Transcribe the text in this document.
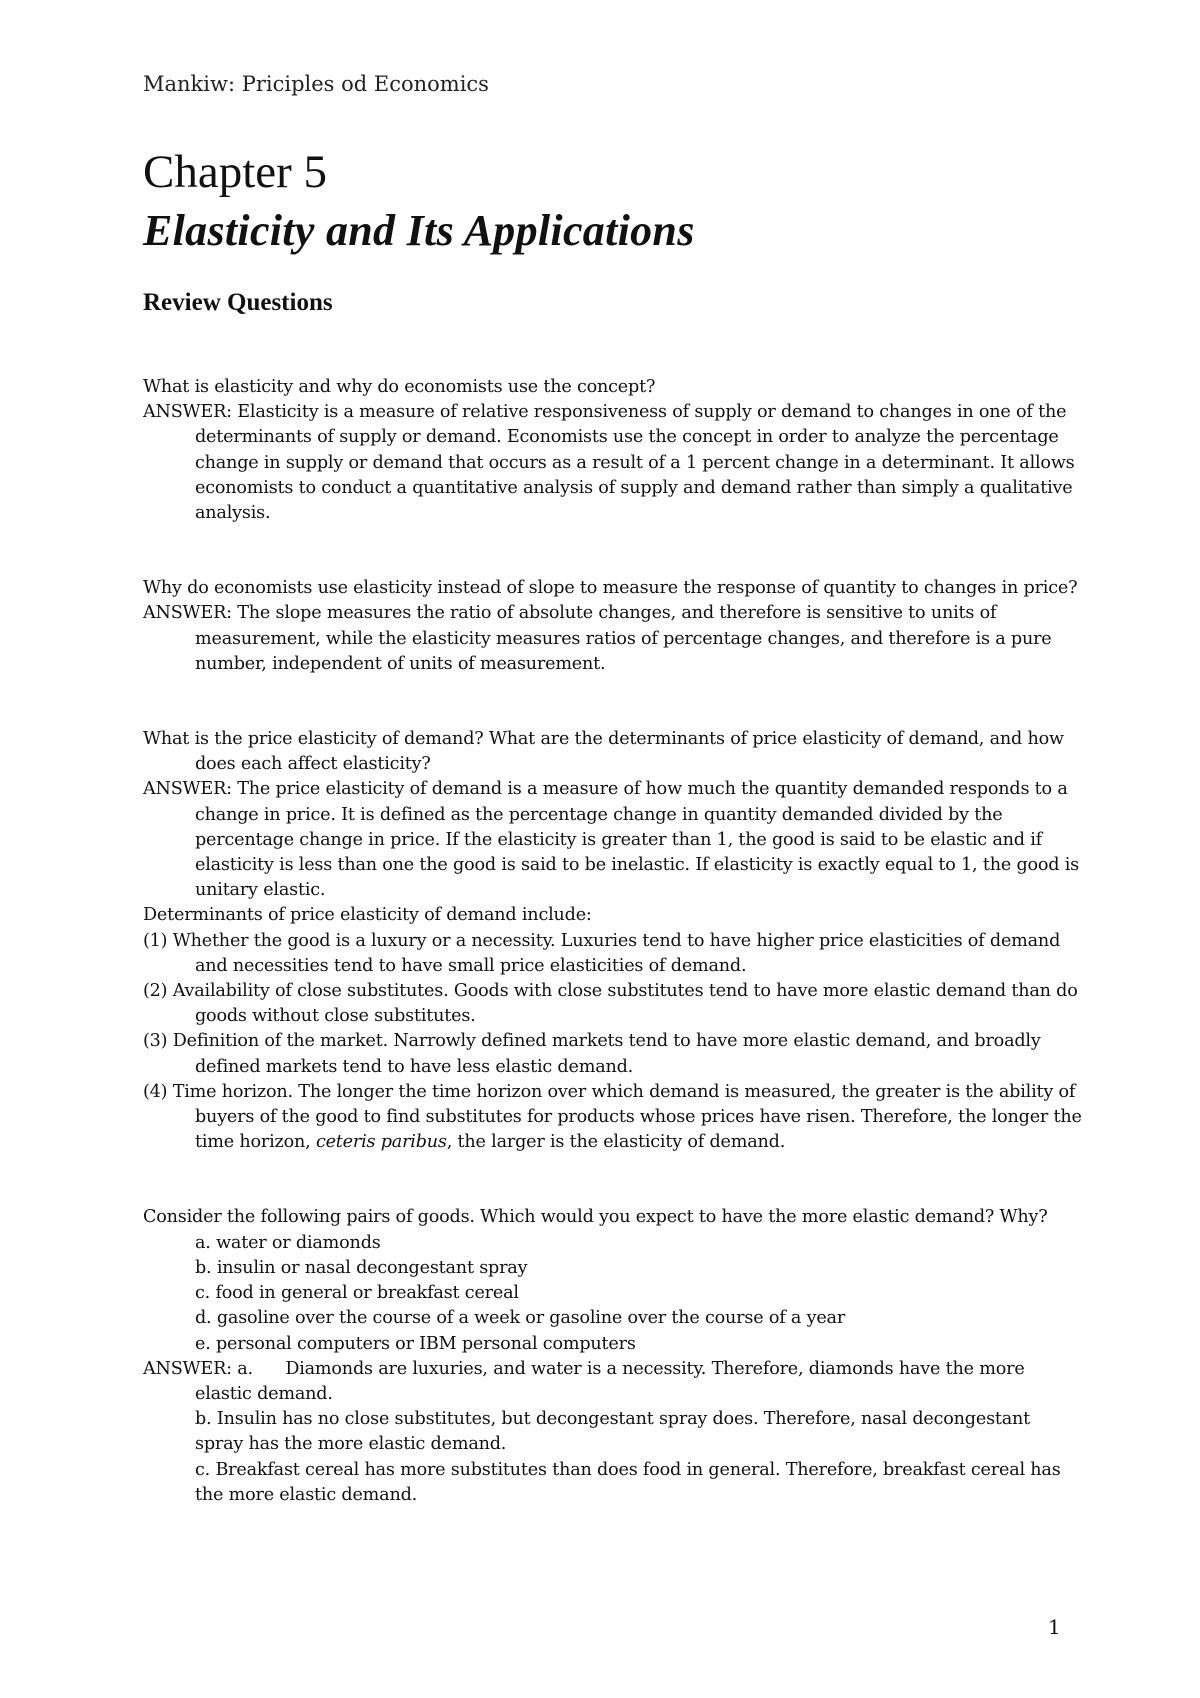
Mankiw: Priciples od Economics
Chapter 5
Elasticity and Its Applications
Review Questions

What is elasticity and why do economists use the concept?

ANSWER: Elasticity is a measure of relative responsiveness of supply or demand to changes in one of the determinants of supply or demand. Economists use the concept in order to analyze the percentage change in supply or demand that occurs as a result of a 1 percent change in a determinant. It allows economists to conduct a quantitative analysis of supply and demand rather than simply a qualitative analysis.

Why do economists use elasticity instead of slope to measure the response of quantity to changes in price?

ANSWER: The slope measures the ratio of absolute changes, and therefore is sensitive to units of measurement, while the elasticity measures ratios of percentage changes, and therefore is a pure number, independent of units of measurement.

What is the price elasticity of demand? What are the determinants of price elasticity of demand, and how does each affect elasticity?

ANSWER: The price elasticity of demand is a measure of how much the quantity demanded responds to a change in price. It is defined as the percentage change in quantity demanded divided by the percentage change in price. If the elasticity is greater than 1, the good is said to be elastic and if elasticity is less than one the good is said to be inelastic. If elasticity is exactly equal to 1, the good is unitary elastic.

Determinants of price elasticity of demand include:

(1) Whether the good is a luxury or a necessity. Luxuries tend to have higher price elasticities of demand and necessities tend to have small price elasticities of demand.

(2) Availability of close substitutes. Goods with close substitutes tend to have more elastic demand than do goods without close substitutes.

(3) Definition of the market. Narrowly defined markets tend to have more elastic demand, and broadly defined markets tend to have less elastic demand.

(4) Time horizon. The longer the time horizon over which demand is measured, the greater is the ability of buyers of the good to find substitutes for products whose prices have risen. Therefore, the longer the time horizon, ceteris paribus, the larger is the elasticity of demand.

Consider the following pairs of goods. Which would you expect to have the more elastic demand? Why?

a. water or diamonds

b. insulin or nasal decongestant spray

c. food in general or breakfast cereal

d. gasoline over the course of a week or gasoline over the course of a year

e. personal computers or IBM personal computers

ANSWER: a. Diamonds are luxuries, and water is a necessity. Therefore, diamonds have the more elastic demand.

b. Insulin has no close substitutes, but decongestant spray does. Therefore, nasal decongestant spray has the more elastic demand.

c. Breakfast cereal has more substitutes than does food in general. Therefore, breakfast cereal has the more elastic demand.

1
